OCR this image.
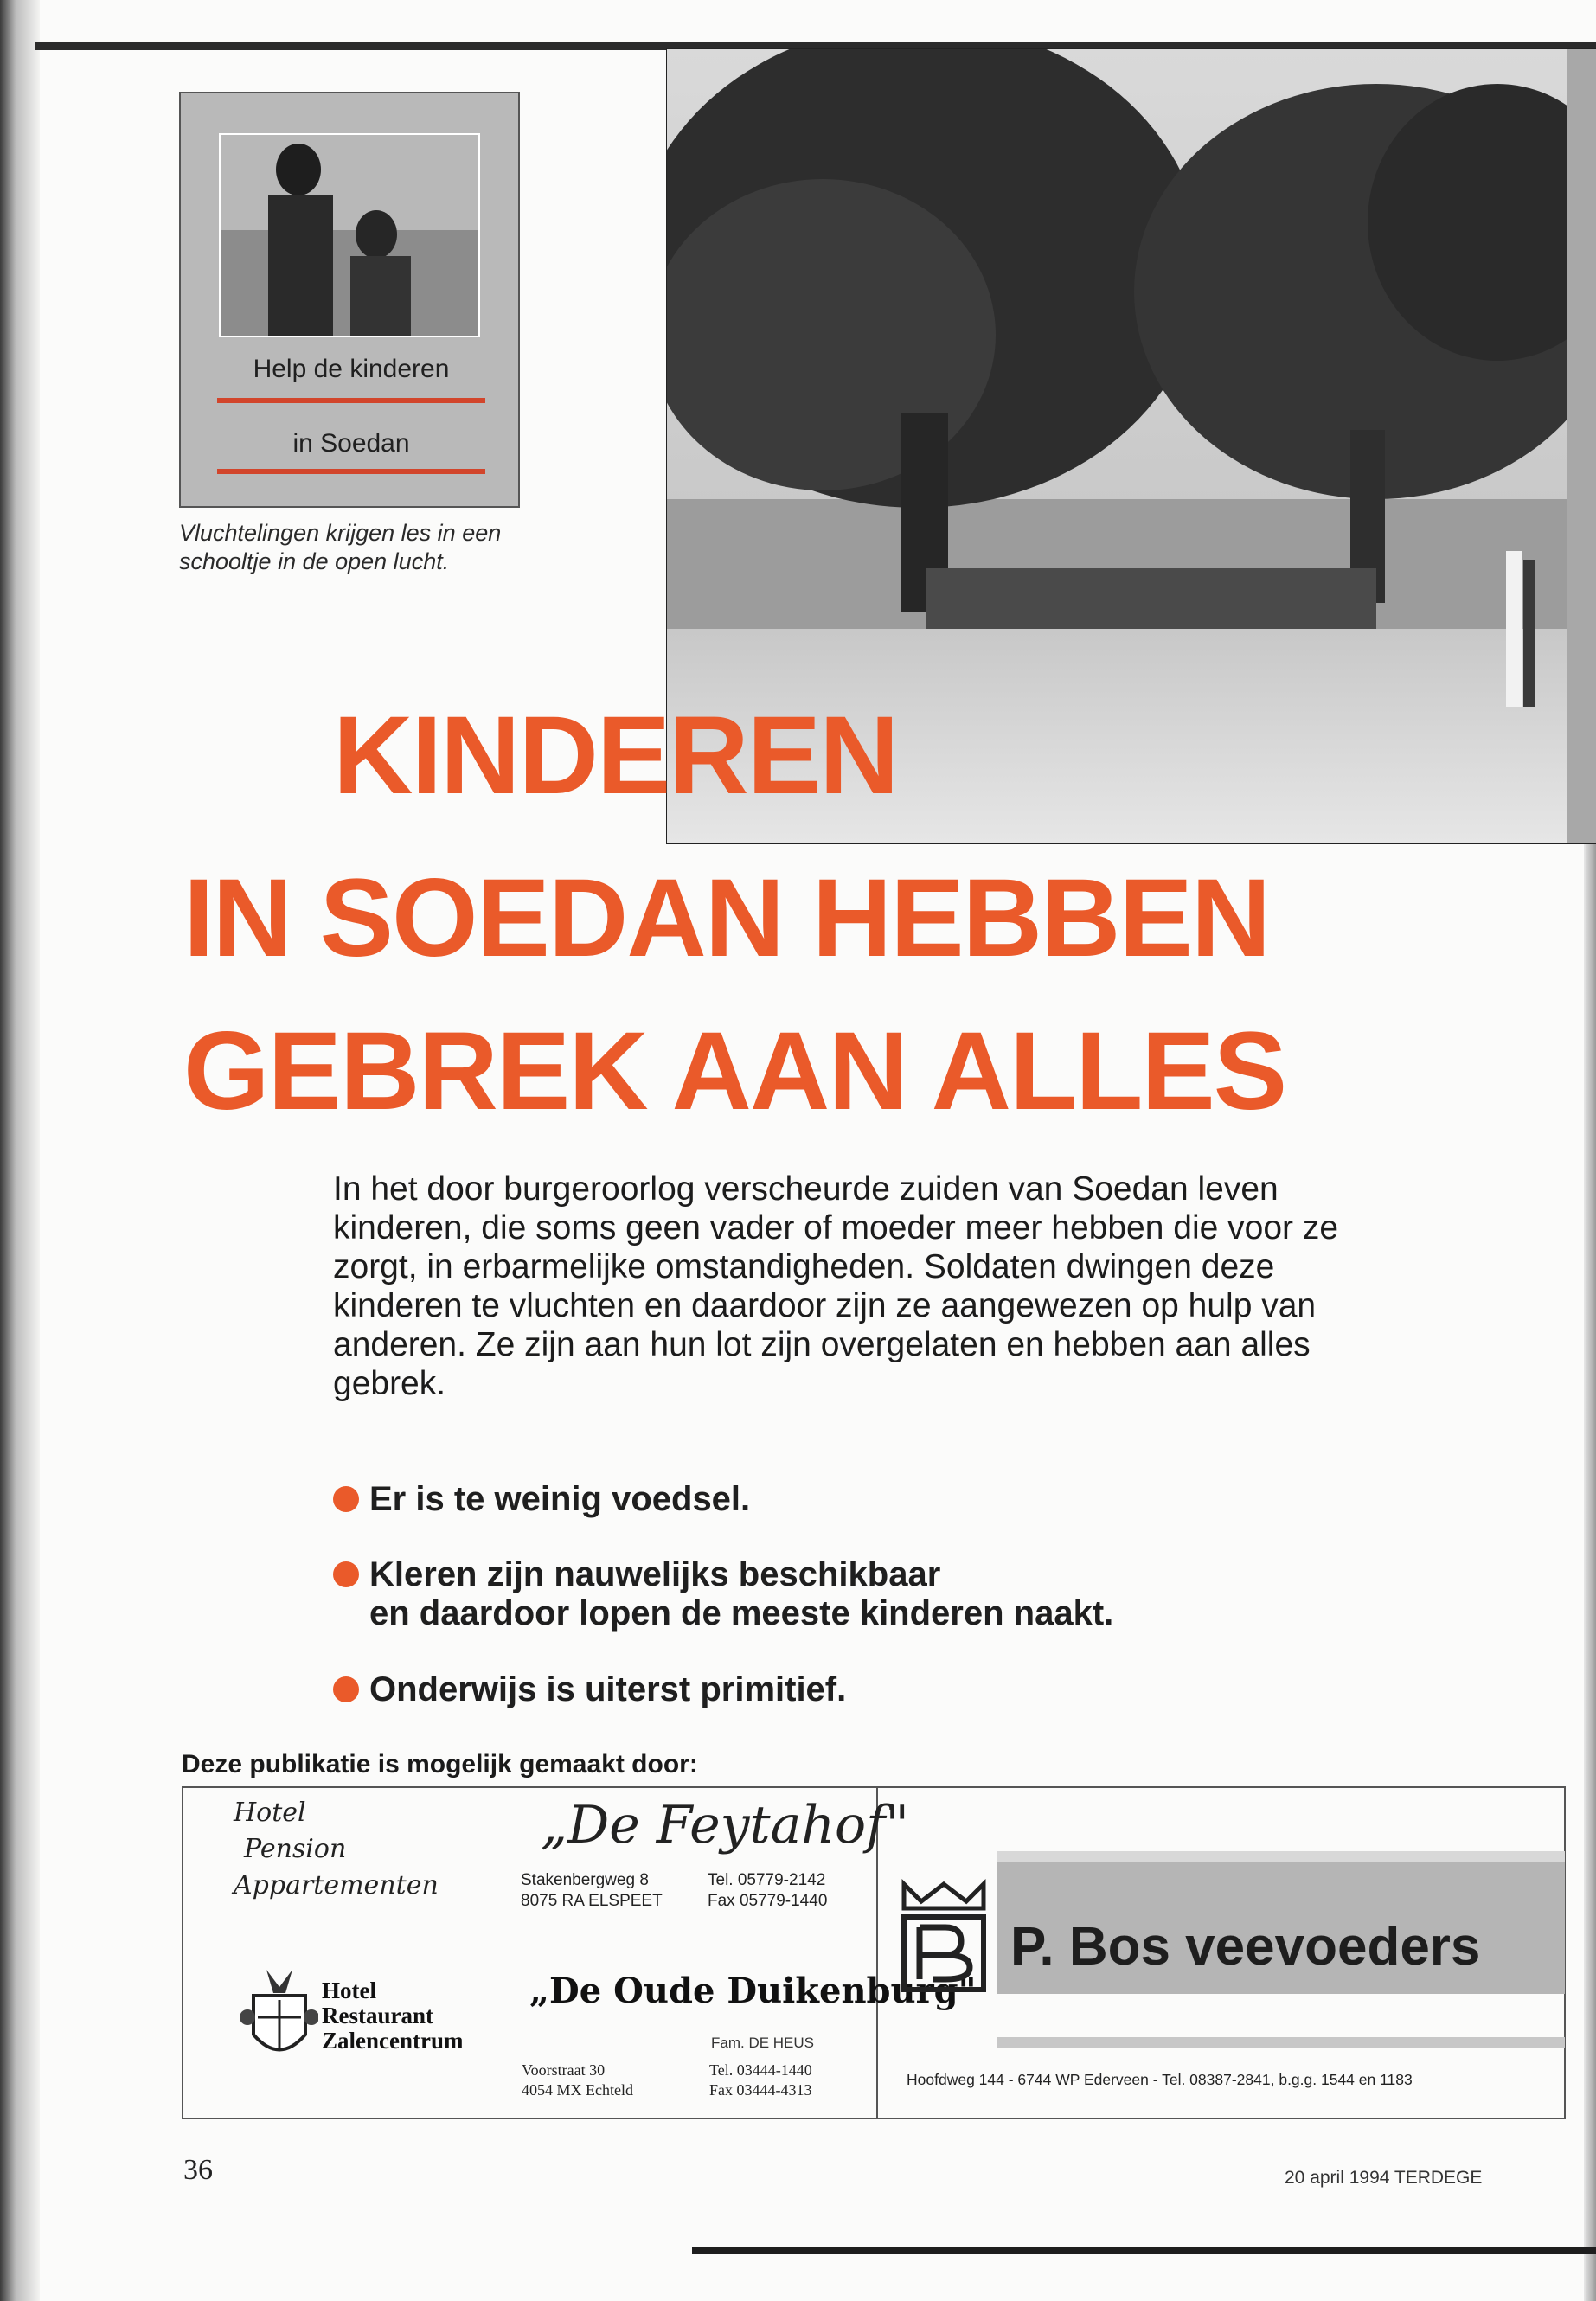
Help de kinderen
in Soedan
Vluchtelingen krijgen les in een schooltje in de open lucht.
KINDEREN
IN SOEDAN HEBBEN
GEBREK AAN ALLES
In het door burgeroorlog verscheurde zuiden van Soedan leven kinderen, die soms geen vader of moeder meer hebben die voor ze zorgt, in erbarmelijke omstandigheden. Soldaten dwingen deze kinderen te vluchten en daardoor zijn ze aangewezen op hulp van anderen. Ze zijn aan hun lot zijn overgelaten en hebben aan alles gebrek.
Er is te weinig voedsel.
Kleren zijn nauwelijks beschikbaar
en daardoor lopen de meeste kinderen naakt.
Onderwijs is uiterst primitief.
Deze publikatie is mogelijk gemaakt door:
Hotel
Pension
Appartementen
„De Feytahof"
Stakenbergweg 8
8075 RA ELSPEET
Tel. 05779-2142
Fax 05779-1440
Hotel
Restaurant
Zalencentrum
„De Oude Duikenburg"
Fam. DE HEUS
Voorstraat 30
4054 MX Echteld
Tel. 03444-1440
Fax 03444-4313
P. Bos veevoeders
Hoofdweg 144 - 6744 WP Ederveen - Tel. 08387-2841, b.g.g. 1544 en 1183
36	20 april 1994 TERDEGE
